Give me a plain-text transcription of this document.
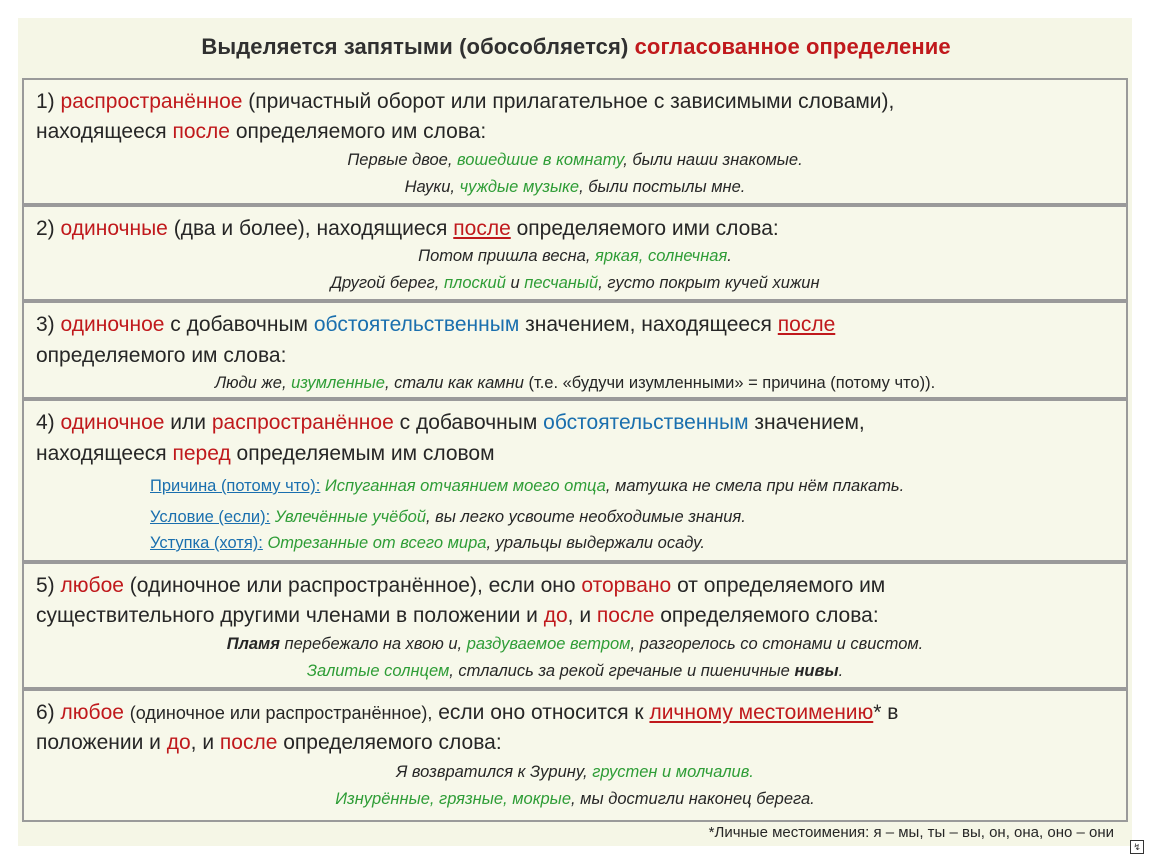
Выделяется запятыми (обособляется) согласованное определение
1) распространённое (причастный оборот или прилагательное с зависимыми словами),
находящееся после определяемого им слова:
Первые двое, вошедшие в комнату, были наши знакомые.
Науки, чуждые музыке, были постылы мне.
2) одиночные (два и более), находящиеся после определяемого ими слова:
Потом пришла весна, яркая, солнечная.
Другой берег, плоский и песчаный, густо покрыт кучей хижин
3) одиночное с добавочным обстоятельственным значением, находящееся после
определяемого им слова:
Люди же, изумленные, стали как камни (т.е. «будучи изумленными» = причина (потому что)).
4) одиночное или распространённое с добавочным обстоятельственным значением,
находящееся перед определяемым им словом
Причина (потому что): Испуганная отчаянием моего отца, матушка не смела при нём плакать.
Условие (если): Увлечённые учёбой, вы легко усвоите необходимые знания.
Уступка (хотя): Отрезанные от всего мира, уральцы выдержали осаду.
5) любое (одиночное или распространённое), если оно оторвано от определяемого им
существительного другими членами в положении и до, и после определяемого слова:
Пламя перебежало на хвою и, раздуваемое ветром, разгорелось со стонами и свистом.
Залитые солнцем, стлались за рекой гречаные и пшеничные нивы.
6) любое (одиночное или распространённое), если оно относится к личному местоимению* в
положении и до, и после определяемого слова:
Я возвратился к Зурину, грустен и молчалив.
Изнурённые, грязные, мокрые, мы достигли наконец берега.
*Личные местоимения: я – мы, ты – вы, он, она, оно – они
↯
